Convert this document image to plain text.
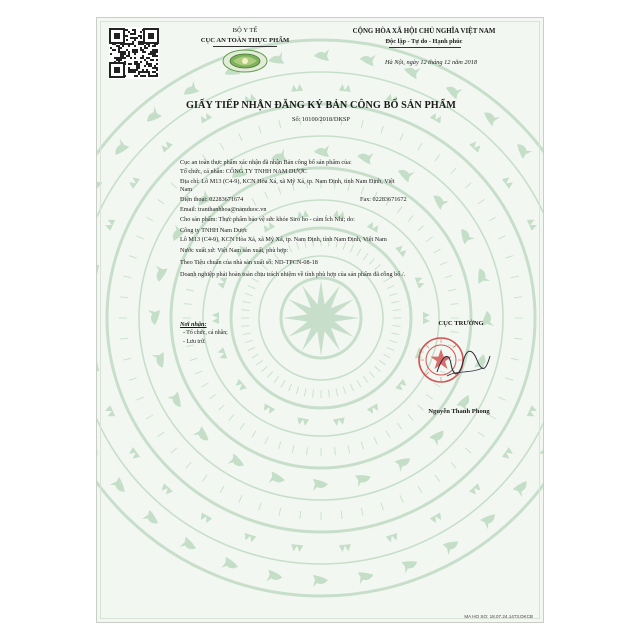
BỘ Y TẾ
CỤC AN TOÀN THỰC PHẨM
CỘNG HÒA XÃ HỘI CHỦ NGHĨA VIỆT NAM
Độc lập - Tự do - Hạnh phúc
Hà Nội, ngày 12 tháng 12 năm 2018
GIẤY TIẾP NHẬN ĐĂNG KÝ BẢN CÔNG BỐ SẢN PHẨM
Số: 10100/2018/DKSP
Cục an toàn thực phẩm xác nhận đã nhận Bản công bố sản phẩm của:
Tổ chức, cá nhân: CÔNG TY TNHH NAM DƯỢC
Địa chỉ: Lô M13 (C4-9), KCN Hòa Xá, xã Mỹ Xá, tp. Nam Định, tỉnh Nam Định, Việt
Nam
Điện thoại: 02283671674	Fax: 02283671672
Email: tranthanhhoa@namduoc.vn
Cho sản phẩm: Thực phẩm bảo vệ sức khỏe Siro ho - cảm Ích Nhi; do:
Công ty TNHH Nam Dược
Lô M13 (C4-9), KCN Hòa Xá, xã Mỹ Xá, tp. Nam Định, tỉnh Nam Định, Việt Nam
Nước xuất xứ: Việt Nam sản xuất, phù hợp:
Theo Tiêu chuẩn của nhà sản xuất số: ND-TPCN-08-18
Doanh nghiệp phải hoàn toàn chịu trách nhiệm về tính phù hợp của sản phẩm đã công bố./.
Nơi nhận:
- Tổ chức, cá nhân;
- Lưu trữ.
CỤC TRƯỞNG
Nguyễn Thanh Phong
MA HO SO: 18.07.24.1473.DKCB
